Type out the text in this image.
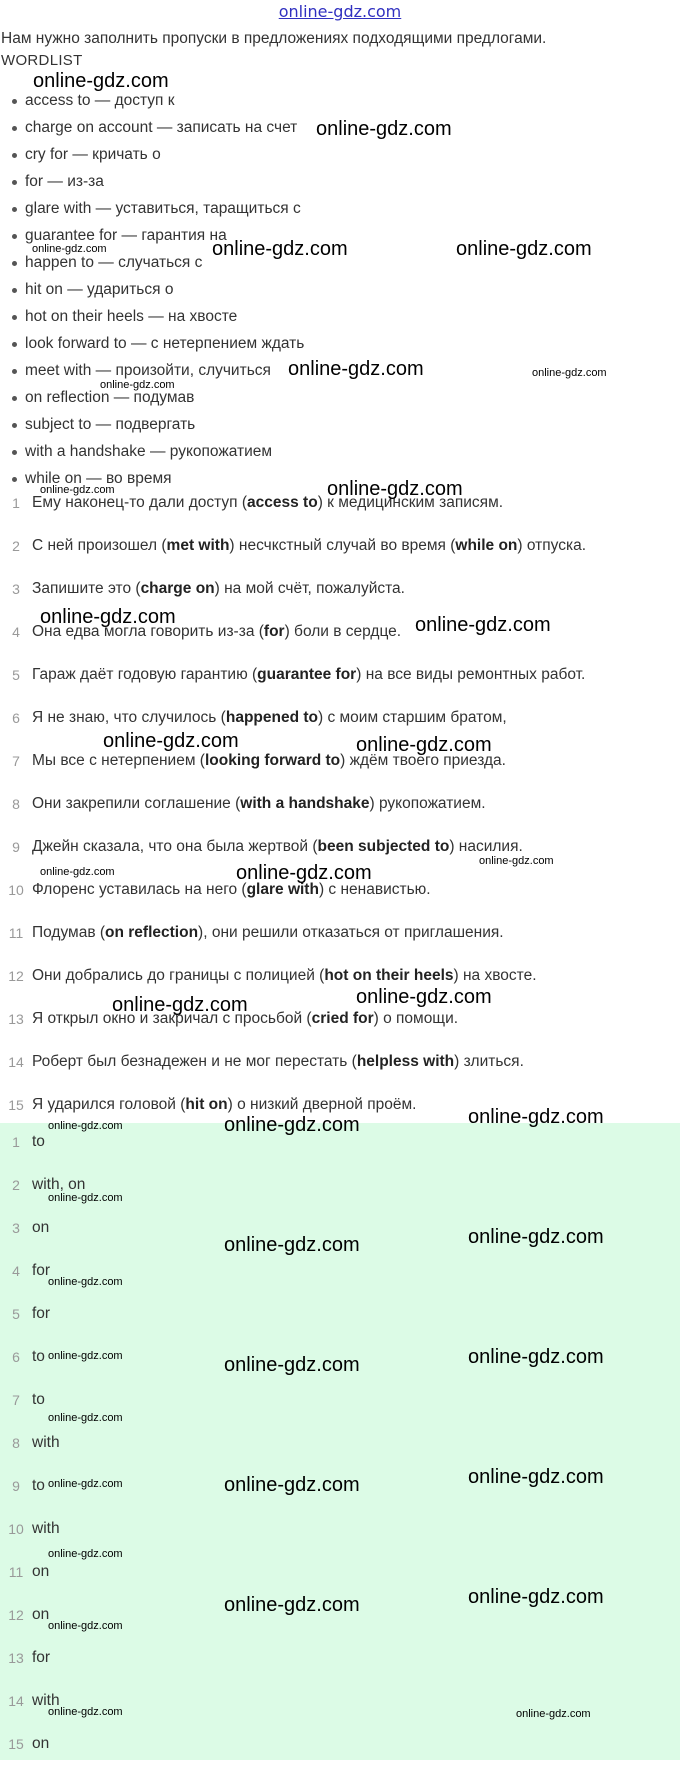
online-gdz.com
Нам нужно заполнить пропуски в предложениях подходящими предлогами.
WORDLIST
access to — доступ к
charge on account — записать на счет
cry for — кричать о
for — из-за
glare with — уставиться, таращиться с
guarantee for — гарантия на
happen to — случаться с
hit on — удариться о
hot on their heels — на хвосте
look forward to — с нетерпением ждать
meet with — произойти, случиться
on reflection — подумав
subject to — подвергать
with a handshake — рукопожатием
while on — во время
1 Ему наконец-то дали доступ (access to) к медицинским записям.
2 С ней произошел (met with) несчкстный случай во время (while on) отпуска.
3 Запишите это (charge on) на мой счёт, пожалуйста.
4 Она едва могла говорить из-за (for) боли в сердце.
5 Гараж даёт годовую гарантию (guarantee for) на все виды ремонтных работ.
6 Я не знаю, что случилось (happened to) с моим старшим братом,
7 Мы все с нетерпением (looking forward to) ждём твоего приезда.
8 Они закрепили соглашение (with a handshake) рукопожатием.
9 Джейн сказала, что она была жертвой (been subjected to) насилия.
10 Флоренс уставилась на него (glare with) с ненавистью.
11 Подумав (on reflection), они решили отказаться от приглашения.
12 Они добрались до границы с полицией (hot on their heels) на хвосте.
13 Я открыл окно и закричал с просьбой (cried for) о помощи.
14 Роберт был безнадежен и не мог перестать (helpless with) злиться.
15 Я ударился головой (hit on) о низкий дверной проём.
1 to
2 with, on
3 on
4 for
5 for
6 to
7 to
8 with
9 to
10 with
11 on
12 on
13 for
14 with
15 on
online-gdz.com
online-gdz.com
online-gdz.com	online-gdz.com	online-gdz.com
online-gdz.com
online-gdz.com	online-gdz.com
online-gdz.com	online-gdz.com
online-gdz.com	online-gdz.com
online-gdz.com	online-gdz.com
online-gdz.com	online-gdz.com
online-gdz.com
online-gdz.com	online-gdz.com
online-gdz.com	online-gdz.com	online-gdz.com
online-gdz.com
online-gdz.com	online-gdz.com
online-gdz.com
online-gdz.com	online-gdz.com	online-gdz.com
online-gdz.com
online-gdz.com	online-gdz.com	online-gdz.com
online-gdz.com
online-gdz.com	online-gdz.com
online-gdz.com
online-gdz.com	online-gdz.com
